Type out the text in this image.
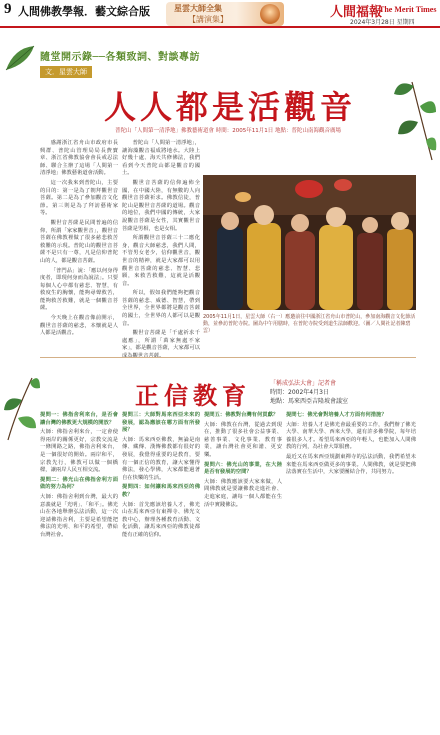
9 人間佛教學報．藝文綜合版	星雲大師全集
【講演集】
人間福報
The Merit Times
2024年3月28日 星期四
隨堂開示錄──各類致詞、對談專訪
文．星雲大師
人人都是活觀音
普陀山「人間第一清淨地」佛教藝術道會 時間：2005年11月1日 地點：普陀山南海觀音廣場

感謝浙江省舟山市政府市長興群、普陀山管理局局長費寶章、浙江省佛教協會會長戒忍法師、聯合主辦了這場「人間第一清淨地」佛教藝術道會活動。

這一次我來到普陀山，主要的目的：第一是為了朝拜觀世音菩薩。第二是為了參加觀音文化節。第三則是為了拜訪藝術家等。

觀世音菩薩是民間普遍的信仰，所謂「家家觀世音」，觀世音菩薩在佛教裡做了很多慈悲救苦救難的示現。普陀山的觀世音菩薩不是只有一尊，凡是信仰普陀山的人，都是觀音菩薩。

「普門品」說：「應以何身得度者，即現何身而為說法」。只要每個人心中都有慈悲、智慧，有救度生的胸懷，能夠尋聲救苦，能夠救苦救難，就是一個觀音菩薩。

今天晚上在觀音像前開示，觀世音菩薩的慈悲，本懷就是人人都是活觀音。

普陀山「人間第一清淨地」，讓海藻觀音福成將地水。大陸上好幾十處、海天共修佛法，我們看到今天普陀山都是觀音的國土。

觀世音菩薩的信仰遍佈全國，在中國大陸，有無數的人向觀世音菩薩祈求。佛教信徒，普陀山是觀世音菩薩的道場。觀音的地位，我們中國的傳統，大家說觀音菩薩是女性，其實觀世音菩薩是男相，也是女相。

所謂觀世音菩薩三十二應化身，觀音大師慈悲，我們人間，不管男女老少，信仰觀世音，觀世音的精神，就是大家都可以用觀世音菩薩的慈悲、智慧、悲願，來救苦救難，這就是活觀音。

所以，假如我們能夠把觀音菩薩的慈悲、威德、智慧，帶到全世界，全世界都將是觀音菩薩的國土，全世界的人都可以是觀音。

觀世音菩薩是「千處祈求千處應」，所謂「萬家無處不家家」，都是觀音菩薩，大家都可以

2005年11月1日，星雲大師（右一）應邀前往中國浙江省舟山市普陀山，參加南海觀音文化節活動，並參訪普陀寺院。圖為中午用膳時，在普陀寺院受到道生法師歡迎。（圖／人間社記者陳碧雲）
正信教育	「稱成弘法大會」記者會
時間：2002年4月3日
地點：馬來西亞吉隆坡會議室

提問一：佛指舍利來台，是否會讓台灣的佛教更大規模的開放？

大師：佛指舍利來台，一定會使得兩岸的關係更好，宗教交流是一條開路之路，佛指舍利來台，是一個很好的開始。兩岸和平，宗教先行，佛教可以做一個橋樑，讓兩岸人民互相交流。

提問二：佛光山在佛指舍利方面做的努力為何？

大師：佛指舍利到台灣，最大的意義就是「光明」、「和平」。佛光山在各地舉辦弘法活動，這一次迎請佛指舍利，主要是希望能把佛法的光明、和平的希望，帶給台灣社會。

提問三：大師對馬來西亞未來的發展，認為應該在哪方面有所發展？

大師：馬來西亞佛教，無論是南傳、藏傳、漢傳佛教都有很好的發展，我覺得重要的是教育，要有一個正信的教育，讓大家懂得佛法，發心學佛，大家都能過著自在快樂的生活。

提問四：如何讓和馬來西亞的佛教？

大師：首先應該培養人才，佛光山在馬來西亞有東禪寺、佛光文教中心，辦理各種教育活動、文化活動，讓馬來西亞的佛教徒都能有正確的信仰。

提問五：佛教對台灣有何貢獻？

大師：佛教在台灣，從過去到現在，推動了很多社會公益事業、慈善事業、文化事業、教育事業，讓台灣社會更和諧、更安樂。

提問六：佛光山的事業，在大陸是否有發展的空間？

大師：佛教應該要大家來做，人間佛教就是要讓佛教走進社會、走進家庭，讓每一個人都能在生活中實踐佛法。

提問七：佛光會對培養人才方面有何措施？

大師：培養人才是佛光會最重要的工作，我們辦了佛光大學、南華大學、西來大學，還有許多佛學院，每年培養很多人才。希望馬來西亞的年輕人，也能加入人間佛教的行列，為社會大眾服務。

最近又在馬來西亞規劃東禪寺的弘法活動，我們希望未來能在馬來西亞做更多的事業。人間佛教，就是要把佛法落實在生活中，大家要團結合作，共同努力。
